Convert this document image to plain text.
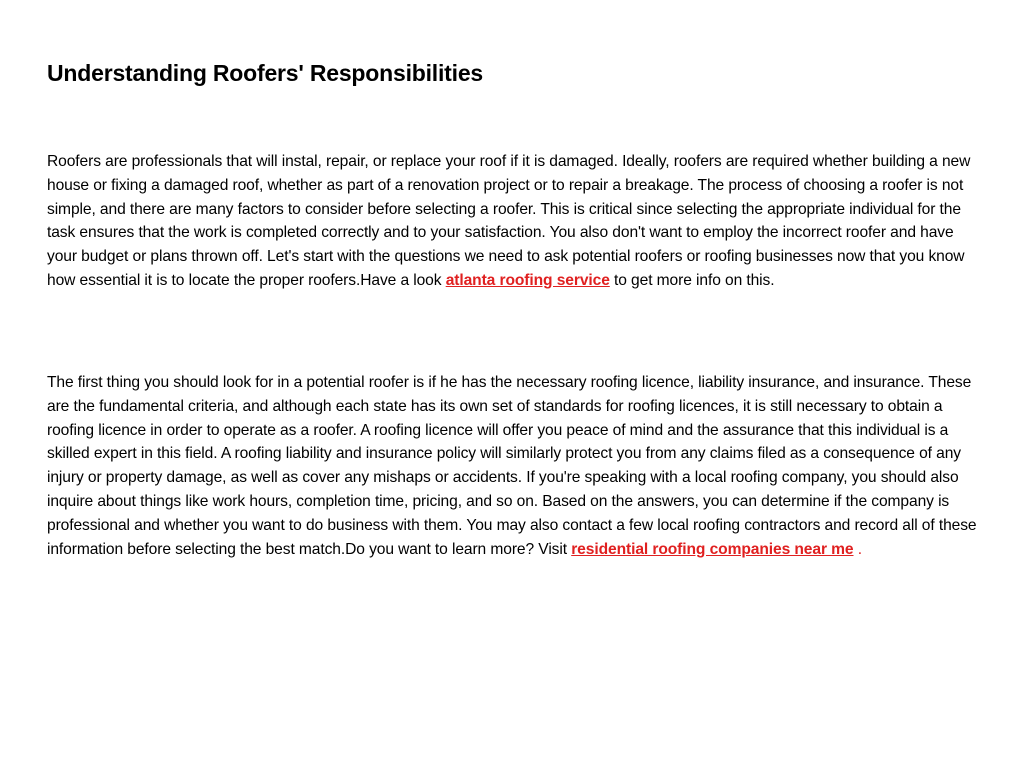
Understanding Roofers' Responsibilities

Roofers are professionals that will instal, repair, or replace your roof if it is damaged. Ideally, roofers are required whether building a new house or fixing a damaged roof, whether as part of a renovation project or to repair a breakage. The process of choosing a roofer is not simple, and there are many factors to consider before selecting a roofer. This is critical since selecting the appropriate individual for the task ensures that the work is completed correctly and to your satisfaction. You also don't want to employ the incorrect roofer and have your budget or plans thrown off. Let's start with the questions we need to ask potential roofers or roofing businesses now that you know how essential it is to locate the proper roofers.Have a look atlanta roofing service to get more info on this.

The first thing you should look for in a potential roofer is if he has the necessary roofing licence, liability insurance, and insurance. These are the fundamental criteria, and although each state has its own set of standards for roofing licences, it is still necessary to obtain a roofing licence in order to operate as a roofer. A roofing licence will offer you peace of mind and the assurance that this individual is a skilled expert in this field. A roofing liability and insurance policy will similarly protect you from any claims filed as a consequence of any injury or property damage, as well as cover any mishaps or accidents. If you're speaking with a local roofing company, you should also inquire about things like work hours, completion time, pricing, and so on. Based on the answers, you can determine if the company is professional and whether you want to do business with them. You may also contact a few local roofing contractors and record all of these information before selecting the best match.Do you want to learn more? Visit residential roofing companies near me .
